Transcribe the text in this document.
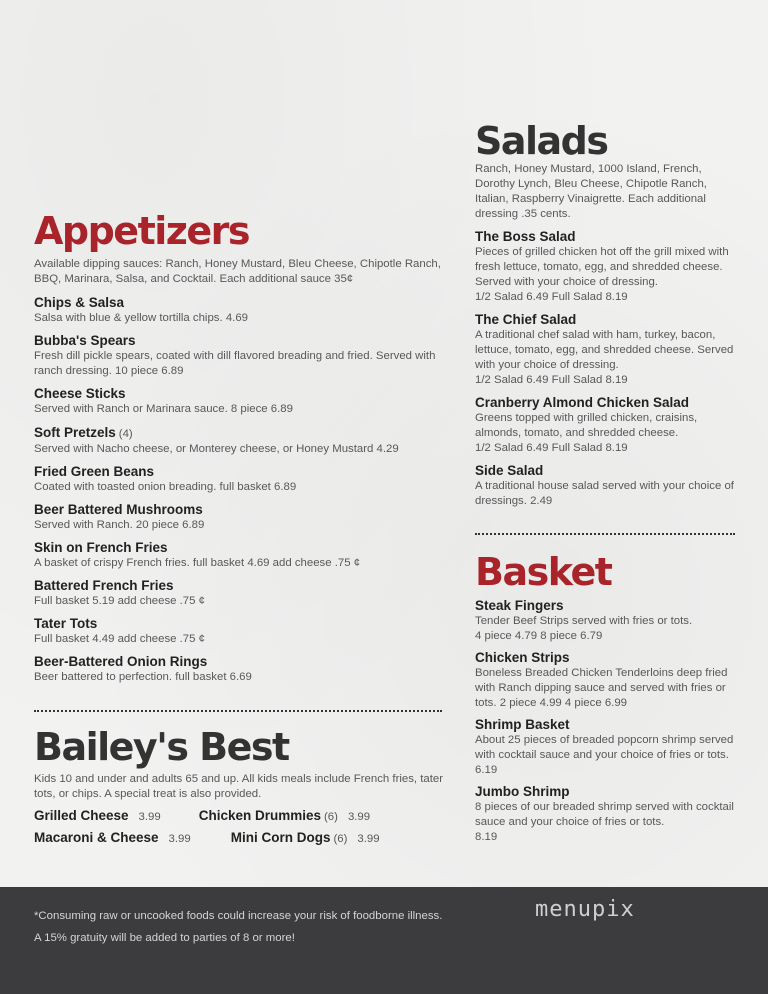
Appetizers

Available dipping sauces: Ranch, Honey Mustard, Bleu Cheese, Chipotle Ranch, BBQ, Marinara, Salsa, and Cocktail. Each additional sauce 35¢

Chips & Salsa

Salsa with blue & yellow tortilla chips. 4.69

Bubba's Spears

Fresh dill pickle spears, coated with dill flavored breading and fried. Served with ranch dressing. 10 piece 6.89

Cheese Sticks

Served with Ranch or Marinara sauce. 8 piece 6.89

Soft Pretzels (4)

Served with Nacho cheese, or Monterey cheese, or Honey Mustard 4.29

Fried Green Beans

Coated with toasted onion breading. full basket 6.89

Beer Battered Mushrooms

Served with Ranch. 20 piece 6.89

Skin on French Fries

A basket of crispy French fries. full basket 4.69 add cheese .75 ¢

Battered French Fries

Full basket 5.19 add cheese .75 ¢

Tater Tots

Full basket 4.49 add cheese .75 ¢

Beer-Battered Onion Rings

Beer battered to perfection. full basket 6.69

Bailey's Best

Kids 10 and under and adults 65 and up. All kids meals include French fries, tater tots, or chips. A special treat is also provided.

Grilled Cheese 3.99	Chicken Drummies (6) 3.99
Macaroni & Cheese 3.99	Mini Corn Dogs (6) 3.99
Salads

Ranch, Honey Mustard, 1000 Island, French, Dorothy Lynch, Bleu Cheese, Chipotle Ranch, Italian, Raspberry Vinaigrette. Each additional dressing .35 cents.

The Boss Salad

Pieces of grilled chicken hot off the grill mixed with fresh lettuce, tomato, egg, and shredded cheese. Served with your choice of dressing.

1/2 Salad 6.49 Full Salad 8.19

The Chief Salad

A traditional chef salad with ham, turkey, bacon, lettuce, tomato, egg, and shredded cheese. Served with your choice of dressing.

1/2 Salad 6.49 Full Salad 8.19

Cranberry Almond Chicken Salad

Greens topped with grilled chicken, craisins, almonds, tomato, and shredded cheese.

1/2 Salad 6.49 Full Salad 8.19

Side Salad

A traditional house salad served with your choice of dressings. 2.49

Basket

Steak Fingers

Tender Beef Strips served with fries or tots.

4 piece 4.79 8 piece 6.79

Chicken Strips

Boneless Breaded Chicken Tenderloins deep fried with Ranch dipping sauce and served with fries or tots. 2 piece 4.99 4 piece 6.99

Shrimp Basket

About 25 pieces of breaded popcorn shrimp served with cocktail sauce and your choice of fries or tots. 6.19

Jumbo Shrimp

8 pieces of our breaded shrimp served with cocktail sauce and your choice of fries or tots.

8.19

*Consuming raw or uncooked foods could increase your risk of foodborne illness.
A 15% gratuity will be added to parties of 8 or more!
menupix
